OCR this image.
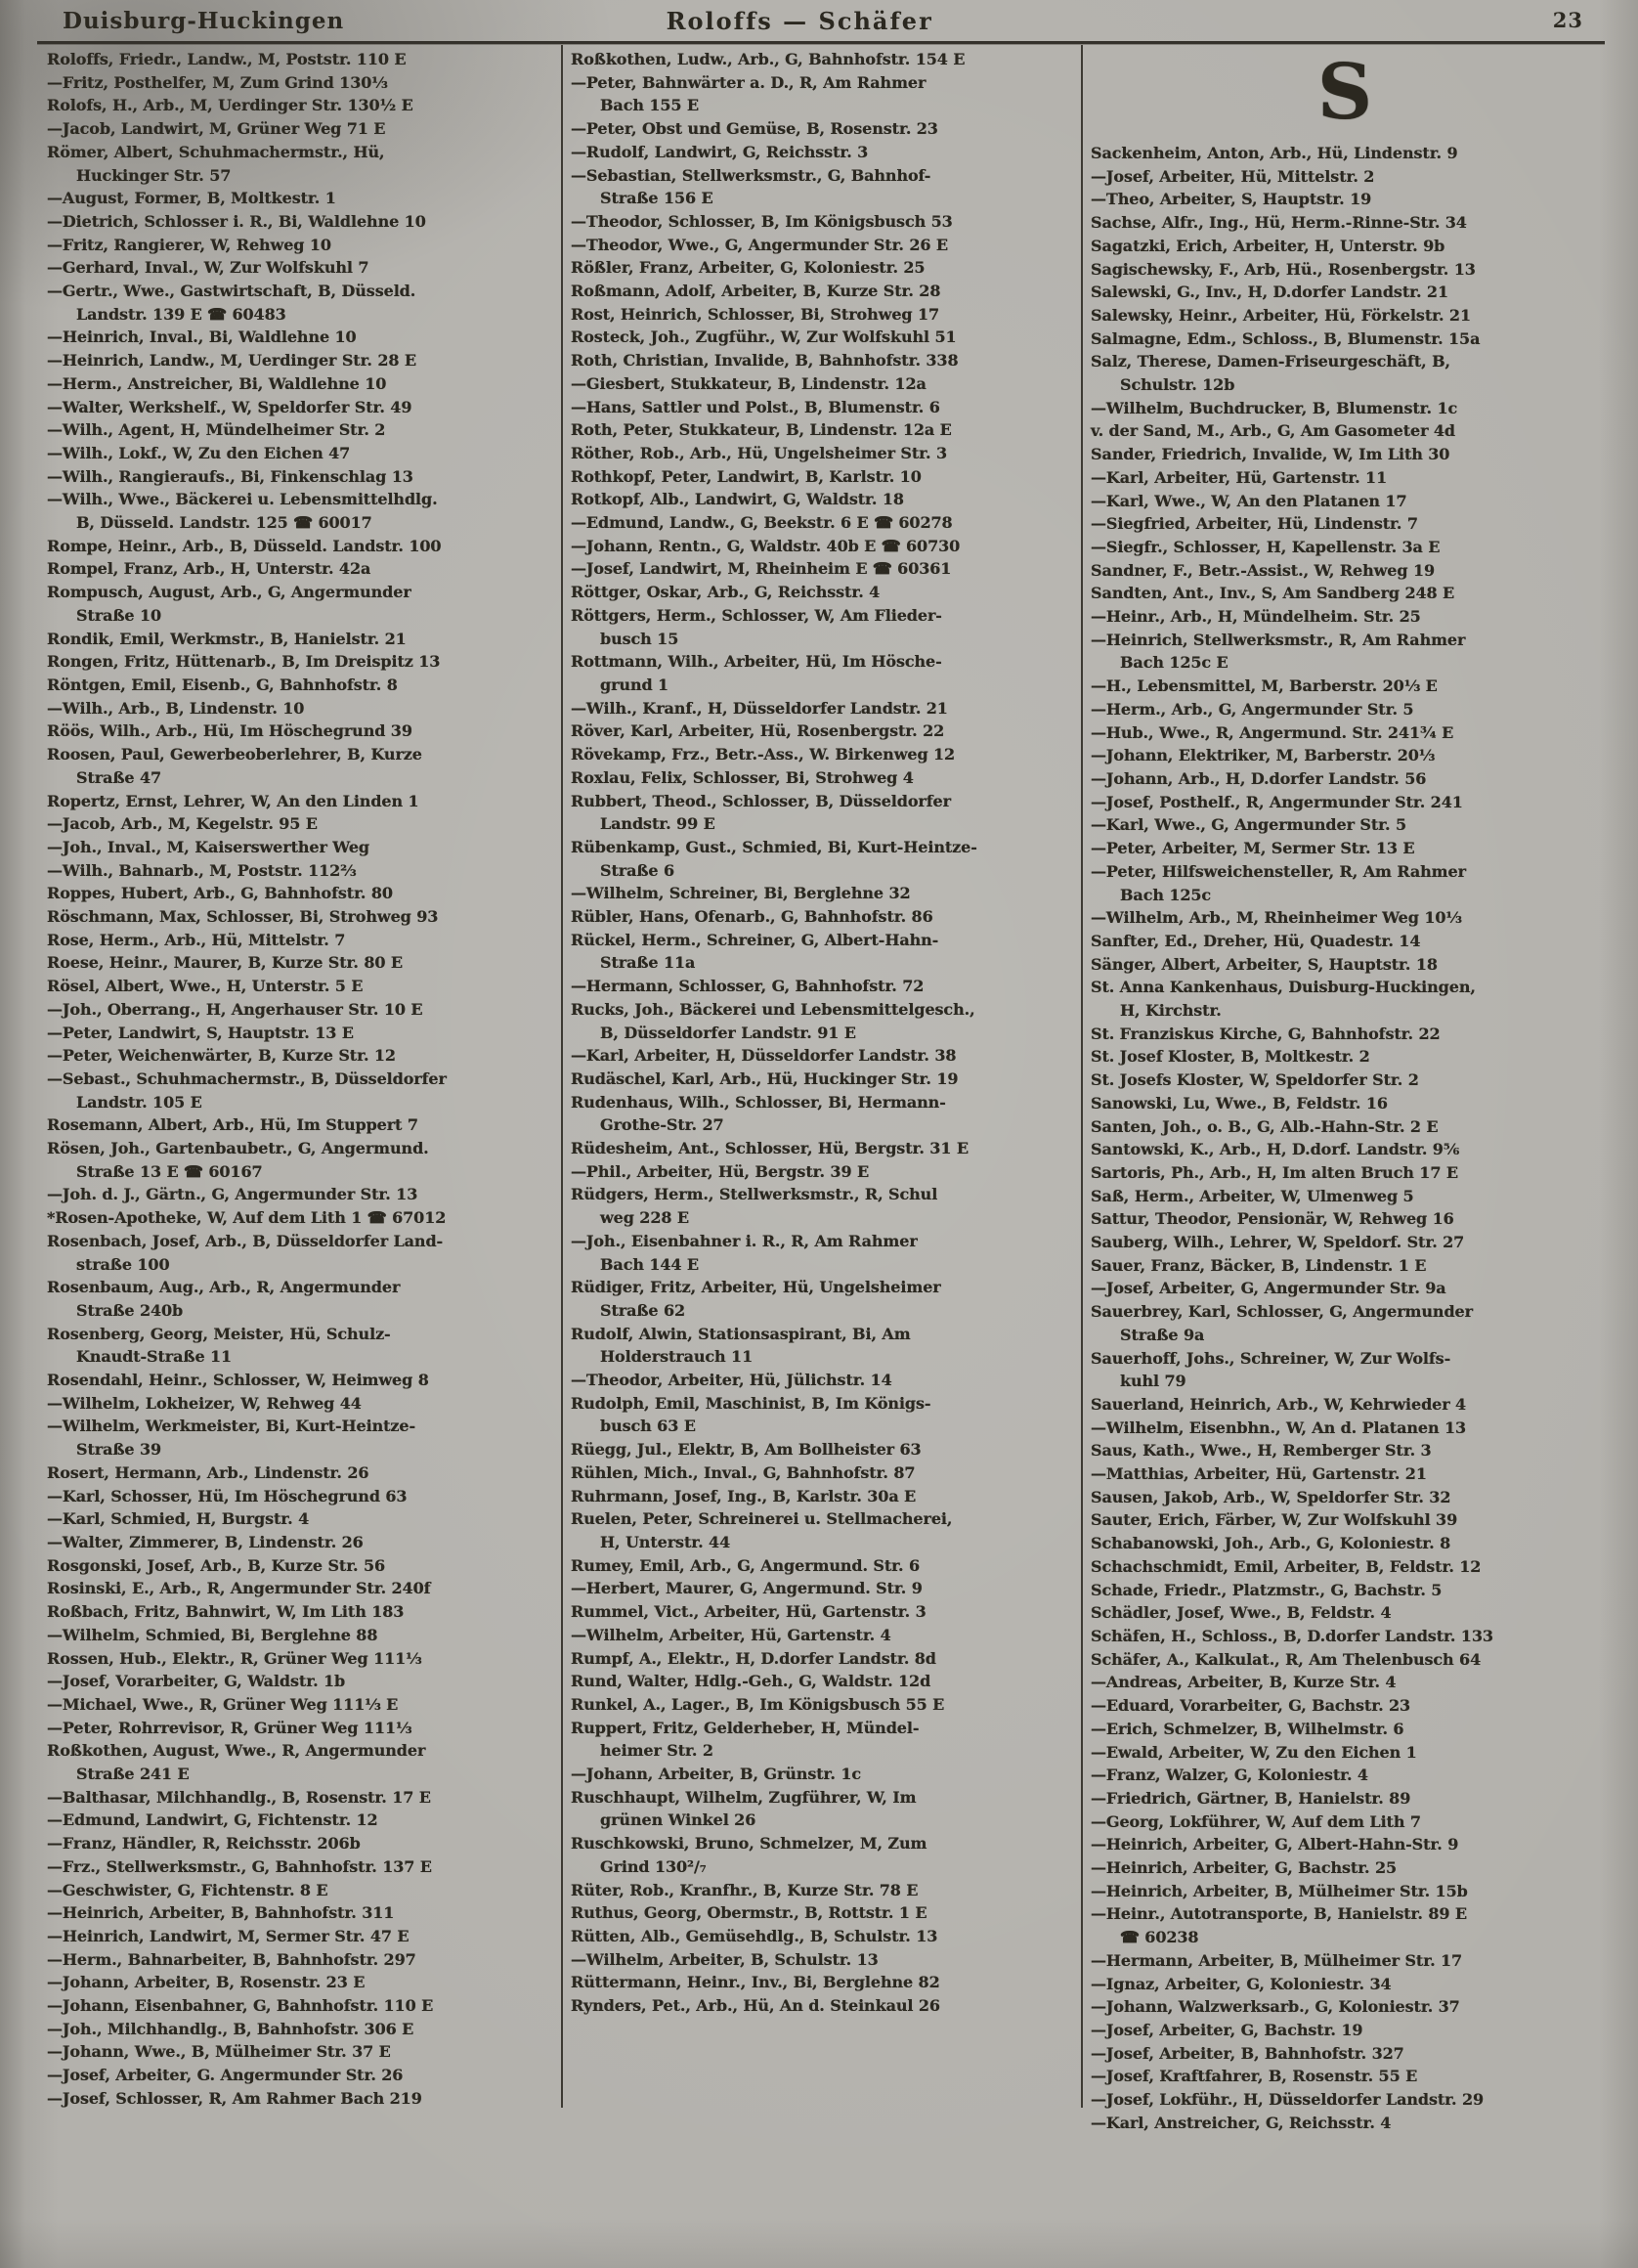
Duisburg-Huckingen	Roloffs — Schäfer	23
Roloffs, Friedr., Landw., M, Poststr. 110 E
—Fritz, Posthelfer, M, Zum Grind 130⅓
Rolofs, H., Arb., M, Uerdinger Str. 130½ E
—Jacob, Landwirt, M, Grüner Weg 71 E
Römer, Albert, Schuhmachermstr., Hü,
Huckinger Str. 57
—August, Former, B, Moltkestr. 1
—Dietrich, Schlosser i. R., Bi, Waldlehne 10
—Fritz, Rangierer, W, Rehweg 10
—Gerhard, Inval., W, Zur Wolfskuhl 7
—Gertr., Wwe., Gastwirtschaft, B, Düsseld.
Landstr. 139 E ☎ 60483
—Heinrich, Inval., Bi, Waldlehne 10
—Heinrich, Landw., M, Uerdinger Str. 28 E
—Herm., Anstreicher, Bi, Waldlehne 10
—Walter, Werkshelf., W, Speldorfer Str. 49
—Wilh., Agent, H, Mündelheimer Str. 2
—Wilh., Lokf., W, Zu den Eichen 47
—Wilh., Rangieraufs., Bi, Finkenschlag 13
—Wilh., Wwe., Bäckerei u. Lebensmittelhdlg.
B, Düsseld. Landstr. 125 ☎ 60017
Rompe, Heinr., Arb., B, Düsseld. Landstr. 100
Rompel, Franz, Arb., H, Unterstr. 42a
Rompusch, August, Arb., G, Angermunder
Straße 10
Rondik, Emil, Werkmstr., B, Hanielstr. 21
Rongen, Fritz, Hüttenarb., B, Im Dreispitz 13
Röntgen, Emil, Eisenb., G, Bahnhofstr. 8
—Wilh., Arb., B, Lindenstr. 10
Röös, Wilh., Arb., Hü, Im Höschegrund 39
Roosen, Paul, Gewerbeoberlehrer, B, Kurze
Straße 47
Ropertz, Ernst, Lehrer, W, An den Linden 1
—Jacob, Arb., M, Kegelstr. 95 E
—Joh., Inval., M, Kaiserswerther Weg
—Wilh., Bahnarb., M, Poststr. 112⅔
Roppes, Hubert, Arb., G, Bahnhofstr. 80
Röschmann, Max, Schlosser, Bi, Strohweg 93
Rose, Herm., Arb., Hü, Mittelstr. 7
Roese, Heinr., Maurer, B, Kurze Str. 80 E
Rösel, Albert, Wwe., H, Unterstr. 5 E
—Joh., Oberrang., H, Angerhauser Str. 10 E
—Peter, Landwirt, S, Hauptstr. 13 E
—Peter, Weichenwärter, B, Kurze Str. 12
—Sebast., Schuhmachermstr., B, Düsseldorfer
Landstr. 105 E
Rosemann, Albert, Arb., Hü, Im Stuppert 7
Rösen, Joh., Gartenbaubetr., G, Angermund.
Straße 13 E ☎ 60167
—Joh. d. J., Gärtn., G, Angermunder Str. 13
*Rosen-Apotheke, W, Auf dem Lith 1 ☎ 67012
Rosenbach, Josef, Arb., B, Düsseldorfer Land-
straße 100
Rosenbaum, Aug., Arb., R, Angermunder
Straße 240b
Rosenberg, Georg, Meister, Hü, Schulz-
Knaudt-Straße 11
Rosendahl, Heinr., Schlosser, W, Heimweg 8
—Wilhelm, Lokheizer, W, Rehweg 44
—Wilhelm, Werkmeister, Bi, Kurt-Heintze-
Straße 39
Rosert, Hermann, Arb., Lindenstr. 26
—Karl, Schosser, Hü, Im Höschegrund 63
—Karl, Schmied, H, Burgstr. 4
—Walter, Zimmerer, B, Lindenstr. 26
Rosgonski, Josef, Arb., B, Kurze Str. 56
Rosinski, E., Arb., R, Angermunder Str. 240f
Roßbach, Fritz, Bahnwirt, W, Im Lith 183
—Wilhelm, Schmied, Bi, Berglehne 88
Rossen, Hub., Elektr., R, Grüner Weg 111⅓
—Josef, Vorarbeiter, G, Waldstr. 1b
—Michael, Wwe., R, Grüner Weg 111⅓ E
—Peter, Rohrrevisor, R, Grüner Weg 111⅓
Roßkothen, August, Wwe., R, Angermunder
Straße 241 E
—Balthasar, Milchhandlg., B, Rosenstr. 17 E
—Edmund, Landwirt, G, Fichtenstr. 12
—Franz, Händler, R, Reichsstr. 206b
—Frz., Stellwerksmstr., G, Bahnhofstr. 137 E
—Geschwister, G, Fichtenstr. 8 E
—Heinrich, Arbeiter, B, Bahnhofstr. 311
—Heinrich, Landwirt, M, Sermer Str. 47 E
—Herm., Bahnarbeiter, B, Bahnhofstr. 297
—Johann, Arbeiter, B, Rosenstr. 23 E
—Johann, Eisenbahner, G, Bahnhofstr. 110 E
—Joh., Milchhandlg., B, Bahnhofstr. 306 E
—Johann, Wwe., B, Mülheimer Str. 37 E
—Josef, Arbeiter, G. Angermunder Str. 26
—Josef, Schlosser, R, Am Rahmer Bach 219
Roßkothen, Ludw., Arb., G, Bahnhofstr. 154 E
—Peter, Bahnwärter a. D., R, Am Rahmer
Bach 155 E
—Peter, Obst und Gemüse, B, Rosenstr. 23
—Rudolf, Landwirt, G, Reichsstr. 3
—Sebastian, Stellwerksmstr., G, Bahnhof-
Straße 156 E
—Theodor, Schlosser, B, Im Königsbusch 53
—Theodor, Wwe., G, Angermunder Str. 26 E
Rößler, Franz, Arbeiter, G, Koloniestr. 25
Roßmann, Adolf, Arbeiter, B, Kurze Str. 28
Rost, Heinrich, Schlosser, Bi, Strohweg 17
Rosteck, Joh., Zugführ., W, Zur Wolfskuhl 51
Roth, Christian, Invalide, B, Bahnhofstr. 338
—Giesbert, Stukkateur, B, Lindenstr. 12a
—Hans, Sattler und Polst., B, Blumenstr. 6
Roth, Peter, Stukkateur, B, Lindenstr. 12a E
Röther, Rob., Arb., Hü, Ungelsheimer Str. 3
Rothkopf, Peter, Landwirt, B, Karlstr. 10
Rotkopf, Alb., Landwirt, G, Waldstr. 18
—Edmund, Landw., G, Beekstr. 6 E ☎ 60278
—Johann, Rentn., G, Waldstr. 40b E ☎ 60730
—Josef, Landwirt, M, Rheinheim E ☎ 60361
Röttger, Oskar, Arb., G, Reichsstr. 4
Röttgers, Herm., Schlosser, W, Am Flieder-
busch 15
Rottmann, Wilh., Arbeiter, Hü, Im Hösche-
grund 1
—Wilh., Kranf., H, Düsseldorfer Landstr. 21
Röver, Karl, Arbeiter, Hü, Rosenbergstr. 22
Rövekamp, Frz., Betr.-Ass., W. Birkenweg 12
Roxlau, Felix, Schlosser, Bi, Strohweg 4
Rubbert, Theod., Schlosser, B, Düsseldorfer
Landstr. 99 E
Rübenkamp, Gust., Schmied, Bi, Kurt-Heintze-
Straße 6
—Wilhelm, Schreiner, Bi, Berglehne 32
Rübler, Hans, Ofenarb., G, Bahnhofstr. 86
Rückel, Herm., Schreiner, G, Albert-Hahn-
Straße 11a
—Hermann, Schlosser, G, Bahnhofstr. 72
Rucks, Joh., Bäckerei und Lebensmittelgesch.,
B, Düsseldorfer Landstr. 91 E
—Karl, Arbeiter, H, Düsseldorfer Landstr. 38
Rudäschel, Karl, Arb., Hü, Huckinger Str. 19
Rudenhaus, Wilh., Schlosser, Bi, Hermann-
Grothe-Str. 27
Rüdesheim, Ant., Schlosser, Hü, Bergstr. 31 E
—Phil., Arbeiter, Hü, Bergstr. 39 E
Rüdgers, Herm., Stellwerksmstr., R, Schul
weg 228 E
—Joh., Eisenbahner i. R., R, Am Rahmer
Bach 144 E
Rüdiger, Fritz, Arbeiter, Hü, Ungelsheimer
Straße 62
Rudolf, Alwin, Stationsaspirant, Bi, Am
Holderstrauch 11
—Theodor, Arbeiter, Hü, Jülichstr. 14
Rudolph, Emil, Maschinist, B, Im Königs-
busch 63 E
Rüegg, Jul., Elektr, B, Am Bollheister 63
Rühlen, Mich., Inval., G, Bahnhofstr. 87
Ruhrmann, Josef, Ing., B, Karlstr. 30a E
Ruelen, Peter, Schreinerei u. Stellmacherei,
H, Unterstr. 44
Rumey, Emil, Arb., G, Angermund. Str. 6
—Herbert, Maurer, G, Angermund. Str. 9
Rummel, Vict., Arbeiter, Hü, Gartenstr. 3
—Wilhelm, Arbeiter, Hü, Gartenstr. 4
Rumpf, A., Elektr., H, D.dorfer Landstr. 8d
Rund, Walter, Hdlg.-Geh., G, Waldstr. 12d
Runkel, A., Lager., B, Im Königsbusch 55 E
Ruppert, Fritz, Gelderheber, H, Mündel-
heimer Str. 2
—Johann, Arbeiter, B, Grünstr. 1c
Ruschhaupt, Wilhelm, Zugführer, W, Im
grünen Winkel 26
Ruschkowski, Bruno, Schmelzer, M, Zum
Grind 130²/₇
Rüter, Rob., Kranfhr., B, Kurze Str. 78 E
Ruthus, Georg, Obermstr., B, Rottstr. 1 E
Rütten, Alb., Gemüsehdlg., B, Schulstr. 13
—Wilhelm, Arbeiter, B, Schulstr. 13
Rüttermann, Heinr., Inv., Bi, Berglehne 82
Rynders, Pet., Arb., Hü, An d. Steinkaul 26
S
Sackenheim, Anton, Arb., Hü, Lindenstr. 9
—Josef, Arbeiter, Hü, Mittelstr. 2
—Theo, Arbeiter, S, Hauptstr. 19
Sachse, Alfr., Ing., Hü, Herm.-Rinne-Str. 34
Sagatzki, Erich, Arbeiter, H, Unterstr. 9b
Sagischewsky, F., Arb, Hü., Rosenbergstr. 13
Salewski, G., Inv., H, D.dorfer Landstr. 21
Salewsky, Heinr., Arbeiter, Hü, Förkelstr. 21
Salmagne, Edm., Schloss., B, Blumenstr. 15a
Salz, Therese, Damen-Friseurgeschäft, B,
Schulstr. 12b
—Wilhelm, Buchdrucker, B, Blumenstr. 1c
v. der Sand, M., Arb., G, Am Gasometer 4d
Sander, Friedrich, Invalide, W, Im Lith 30
—Karl, Arbeiter, Hü, Gartenstr. 11
—Karl, Wwe., W, An den Platanen 17
—Siegfried, Arbeiter, Hü, Lindenstr. 7
—Siegfr., Schlosser, H, Kapellenstr. 3a E
Sandner, F., Betr.-Assist., W, Rehweg 19
Sandten, Ant., Inv., S, Am Sandberg 248 E
—Heinr., Arb., H, Mündelheim. Str. 25
—Heinrich, Stellwerksmstr., R, Am Rahmer
Bach 125c E
—H., Lebensmittel, M, Barberstr. 20⅓ E
—Herm., Arb., G, Angermunder Str. 5
—Hub., Wwe., R, Angermund. Str. 241¾ E
—Johann, Elektriker, M, Barberstr. 20⅓
—Johann, Arb., H, D.dorfer Landstr. 56
—Josef, Posthelf., R, Angermunder Str. 241
—Karl, Wwe., G, Angermunder Str. 5
—Peter, Arbeiter, M, Sermer Str. 13 E
—Peter, Hilfsweichensteller, R, Am Rahmer
Bach 125c
—Wilhelm, Arb., M, Rheinheimer Weg 10⅓
Sanfter, Ed., Dreher, Hü, Quadestr. 14
Sänger, Albert, Arbeiter, S, Hauptstr. 18
St. Anna Kankenhaus, Duisburg-Huckingen,
H, Kirchstr.
St. Franziskus Kirche, G, Bahnhofstr. 22
St. Josef Kloster, B, Moltkestr. 2
St. Josefs Kloster, W, Speldorfer Str. 2
Sanowski, Lu, Wwe., B, Feldstr. 16
Santen, Joh., o. B., G, Alb.-Hahn-Str. 2 E
Santowski, K., Arb., H, D.dorf. Landstr. 9⅚
Sartoris, Ph., Arb., H, Im alten Bruch 17 E
Saß, Herm., Arbeiter, W, Ulmenweg 5
Sattur, Theodor, Pensionär, W, Rehweg 16
Sauberg, Wilh., Lehrer, W, Speldorf. Str. 27
Sauer, Franz, Bäcker, B, Lindenstr. 1 E
—Josef, Arbeiter, G, Angermunder Str. 9a
Sauerbrey, Karl, Schlosser, G, Angermunder
Straße 9a
Sauerhoff, Johs., Schreiner, W, Zur Wolfs-
kuhl 79
Sauerland, Heinrich, Arb., W, Kehrwieder 4
—Wilhelm, Eisenbhn., W, An d. Platanen 13
Saus, Kath., Wwe., H, Remberger Str. 3
—Matthias, Arbeiter, Hü, Gartenstr. 21
Sausen, Jakob, Arb., W, Speldorfer Str. 32
Sauter, Erich, Färber, W, Zur Wolfskuhl 39
Schabanowski, Joh., Arb., G, Koloniestr. 8
Schachschmidt, Emil, Arbeiter, B, Feldstr. 12
Schade, Friedr., Platzmstr., G, Bachstr. 5
Schädler, Josef, Wwe., B, Feldstr. 4
Schäfen, H., Schloss., B, D.dorfer Landstr. 133
Schäfer, A., Kalkulat., R, Am Thelenbusch 64
—Andreas, Arbeiter, B, Kurze Str. 4
—Eduard, Vorarbeiter, G, Bachstr. 23
—Erich, Schmelzer, B, Wilhelmstr. 6
—Ewald, Arbeiter, W, Zu den Eichen 1
—Franz, Walzer, G, Koloniestr. 4
—Friedrich, Gärtner, B, Hanielstr. 89
—Georg, Lokführer, W, Auf dem Lith 7
—Heinrich, Arbeiter, G, Albert-Hahn-Str. 9
—Heinrich, Arbeiter, G, Bachstr. 25
—Heinrich, Arbeiter, B, Mülheimer Str. 15b
—Heinr., Autotransporte, B, Hanielstr. 89 E
☎ 60238
—Hermann, Arbeiter, B, Mülheimer Str. 17
—Ignaz, Arbeiter, G, Koloniestr. 34
—Johann, Walzwerksarb., G, Koloniestr. 37
—Josef, Arbeiter, G, Bachstr. 19
—Josef, Arbeiter, B, Bahnhofstr. 327
—Josef, Kraftfahrer, B, Rosenstr. 55 E
—Josef, Lokführ., H, Düsseldorfer Landstr. 29
—Karl, Anstreicher, G, Reichsstr. 4
